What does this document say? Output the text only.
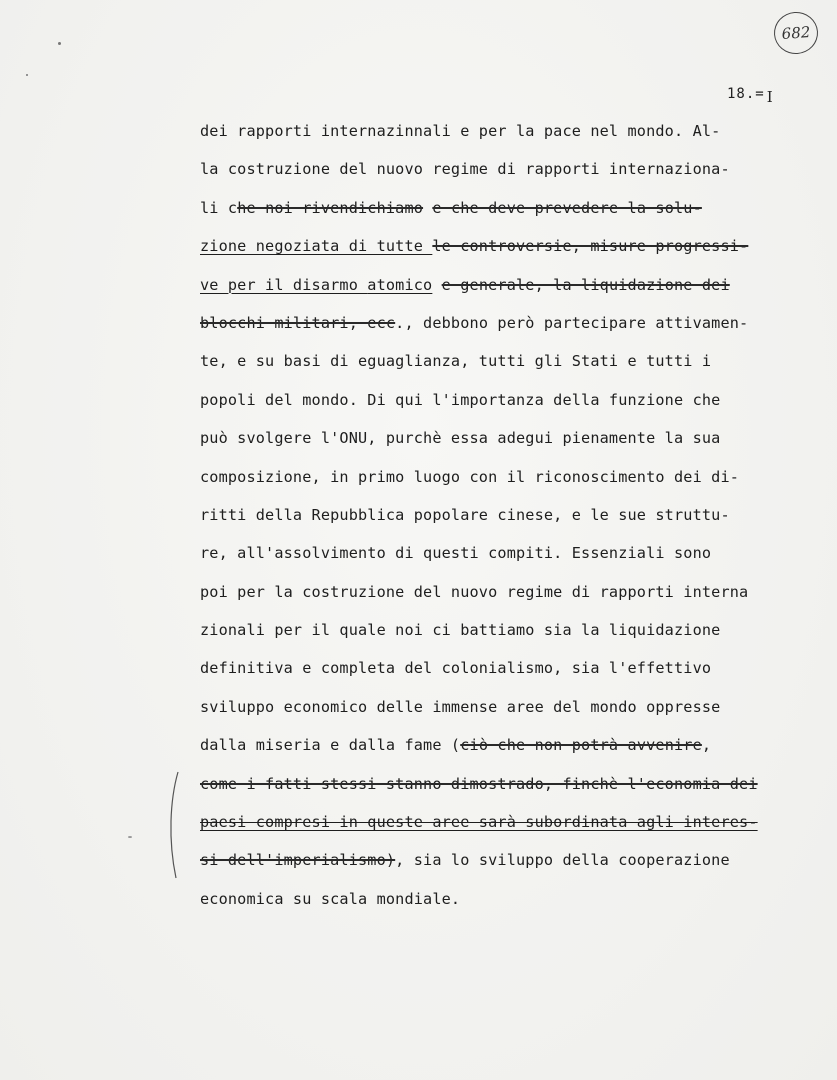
682
18.= I
dei rapporti internazinnali e per la pace nel mondo. Al-
la costruzione del nuovo regime di rapporti internaziona-
li che noi rivendichiamo e che deve prevedere la solu-
zione negoziata di tutte le controversie, misure progressi-
ve per il disarmo atomico e generale, la liquidazione dei
blocchi militari, ecc., debbono però partecipare attivamen-
te, e su basi di eguaglianza, tutti gli Stati e tutti i
popoli del mondo. Di qui l'importanza della funzione che
può svolgere l'ONU, purchè essa adegui pienamente la sua
composizione, in primo luogo con il riconoscimento dei di-
ritti della Repubblica popolare cinese, e le sue struttu-
re, all'assolvimento di questi compiti. Essenziali sono
poi per la costruzione del nuovo regime di rapporti interna
zionali per il quale noi ci battiamo sia la liquidazione
definitiva e completa del colonialismo, sia l'effettivo
sviluppo economico delle immense aree del mondo oppresse
dalla miseria e dalla fame (ciò che non potrà avvenire,
come i fatti stessi stanno dimostrado, finchè l'economia dei
paesi compresi in queste aree sarà subordinata agli interes-
si dell'imperialismo), sia lo sviluppo della cooperazione
economica su scala mondiale.
